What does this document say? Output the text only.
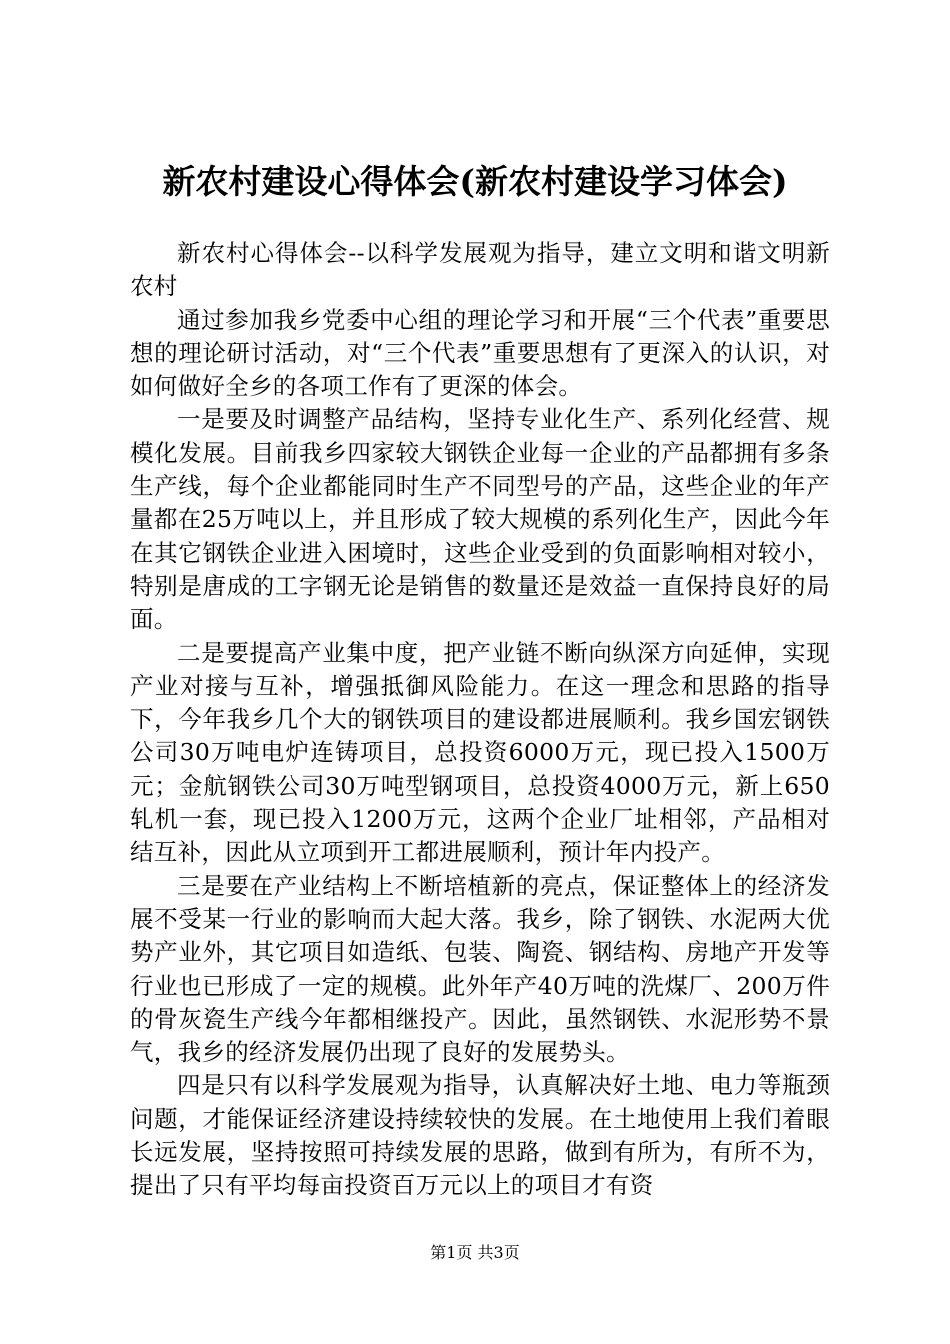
新农村建设心得体会(新农村建设学习体会)

新农村心得体会--以科学发展观为指导，建立文明和谐文明新农村

通过参加我乡党委中心组的理论学习和开展“三个代表”重要思想的理论研讨活动，对“三个代表”重要思想有了更深入的认识，对如何做好全乡的各项工作有了更深的体会。

一是要及时调整产品结构，坚持专业化生产、系列化经营、规模化发展。目前我乡四家较大钢铁企业每一企业的产品都拥有多条生产线，每个企业都能同时生产不同型号的产品，这些企业的年产量都在25万吨以上，并且形成了较大规模的系列化生产，因此今年在其它钢铁企业进入困境时，这些企业受到的负面影响相对较小，特别是唐成的工字钢无论是销售的数量还是效益一直保持良好的局面。

二是要提高产业集中度，把产业链不断向纵深方向延伸，实现产业对接与互补，增强抵御风险能力。在这一理念和思路的指导下，今年我乡几个大的钢铁项目的建设都进展顺利。我乡国宏钢铁公司30万吨电炉连铸项目，总投资6000万元，现已投入1500万元；金航钢铁公司30万吨型钢项目，总投资4000万元，新上650轧机一套，现已投入1200万元，这两个企业厂址相邻，产品相对结互补，因此从立项到开工都进展顺利，预计年内投产。

三是要在产业结构上不断培植新的亮点，保证整体上的经济发展不受某一行业的影响而大起大落。我乡，除了钢铁、水泥两大优势产业外，其它项目如造纸、包装、陶瓷、钢结构、房地产开发等行业也已形成了一定的规模。此外年产40万吨的洗煤厂、200万件的骨灰瓷生产线今年都相继投产。因此，虽然钢铁、水泥形势不景气，我乡的经济发展仍出现了良好的发展势头。

四是只有以科学发展观为指导，认真解决好土地、电力等瓶颈问题，才能保证经济建设持续较快的发展。在土地使用上我们着眼长远发展，坚持按照可持续发展的思路，做到有所为，有所不为，提出了只有平均每亩投资百万元以上的项目才有资

第1页 共3页
